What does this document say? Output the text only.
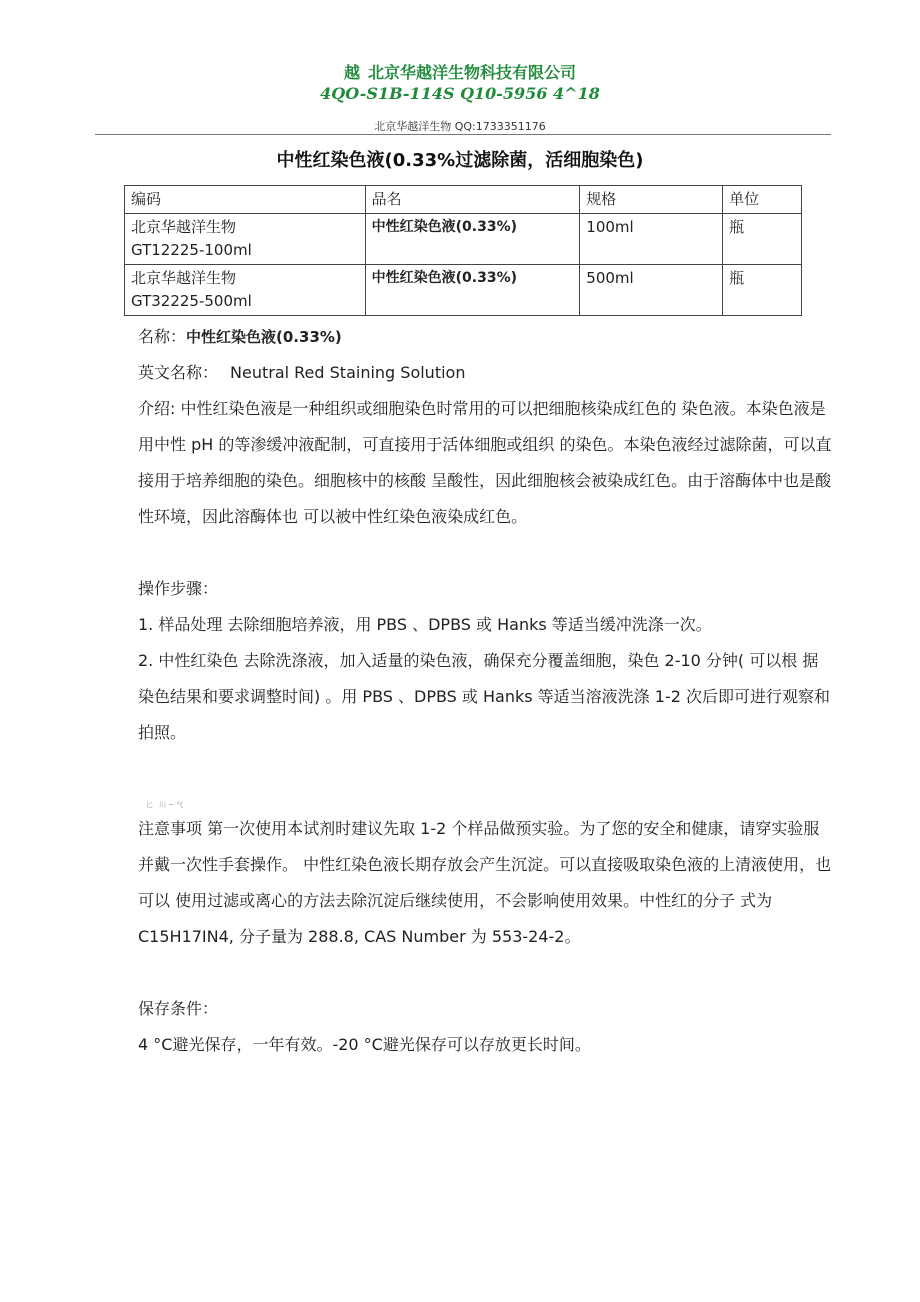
越 北京华越洋生物科技有限公司
4QO-S1B-114S Q10-5956 4^18
北京华越洋生物 QQ:1733351176
中性红染色液(0.33%过滤除菌，活细胞染色)
编码	品名	规格	单位

北京华越洋生物
GT12225-100ml	中性红染色液(0.33%)	100ml	瓶

北京华越洋生物
GT32225-500ml	中性红染色液(0.33%)	500ml	瓶
名称：中性红染色液(0.33%)
英文名称： Neutral Red Staining Solution
介绍: 中性红染色液是一种组织或细胞染色时常用的可以把细胞核染成红色的 染色液。本染色液是用中性 pH 的等渗缓冲液配制，可直接用于活体细胞或组织 的染色。本染色液经过滤除菌，可以直接用于培养细胞的染色。细胞核中的核酸 呈酸性，因此细胞核会被染成红色。由于溶酶体中也是酸性环境，因此溶酶体也 可以被中性红染色液染成红色。
操作步骤：
1. 样品处理 去除细胞培养液，用 PBS 、DPBS 或 Hanks 等适当缓冲洗涤一次。
2. 中性红染色 去除洗涤液，加入适量的染色液，确保充分覆盖细胞，染色 2-10 分钟( 可以根 据染色结果和要求调整时间) 。用 PBS 、DPBS 或 Hanks 等适当溶液洗涤 1-2 次后即可进行观察和拍照。
匕 川~气
注意事项 第一次使用本试剂时建议先取 1-2 个样品做预实验。为了您的安全和健康，请穿实验服并戴一次性手套操作。 中性红染色液长期存放会产生沉淀。可以直接吸取染色液的上清液使用，也可以 使用过滤或离心的方法去除沉淀后继续使用，不会影响使用效果。中性红的分子 式为 C15H17IN4, 分子量为 288.8, CAS Number 为 553-24-2。
保存条件：
4 °C避光保存，一年有效。-20 °C避光保存可以存放更长时间。
